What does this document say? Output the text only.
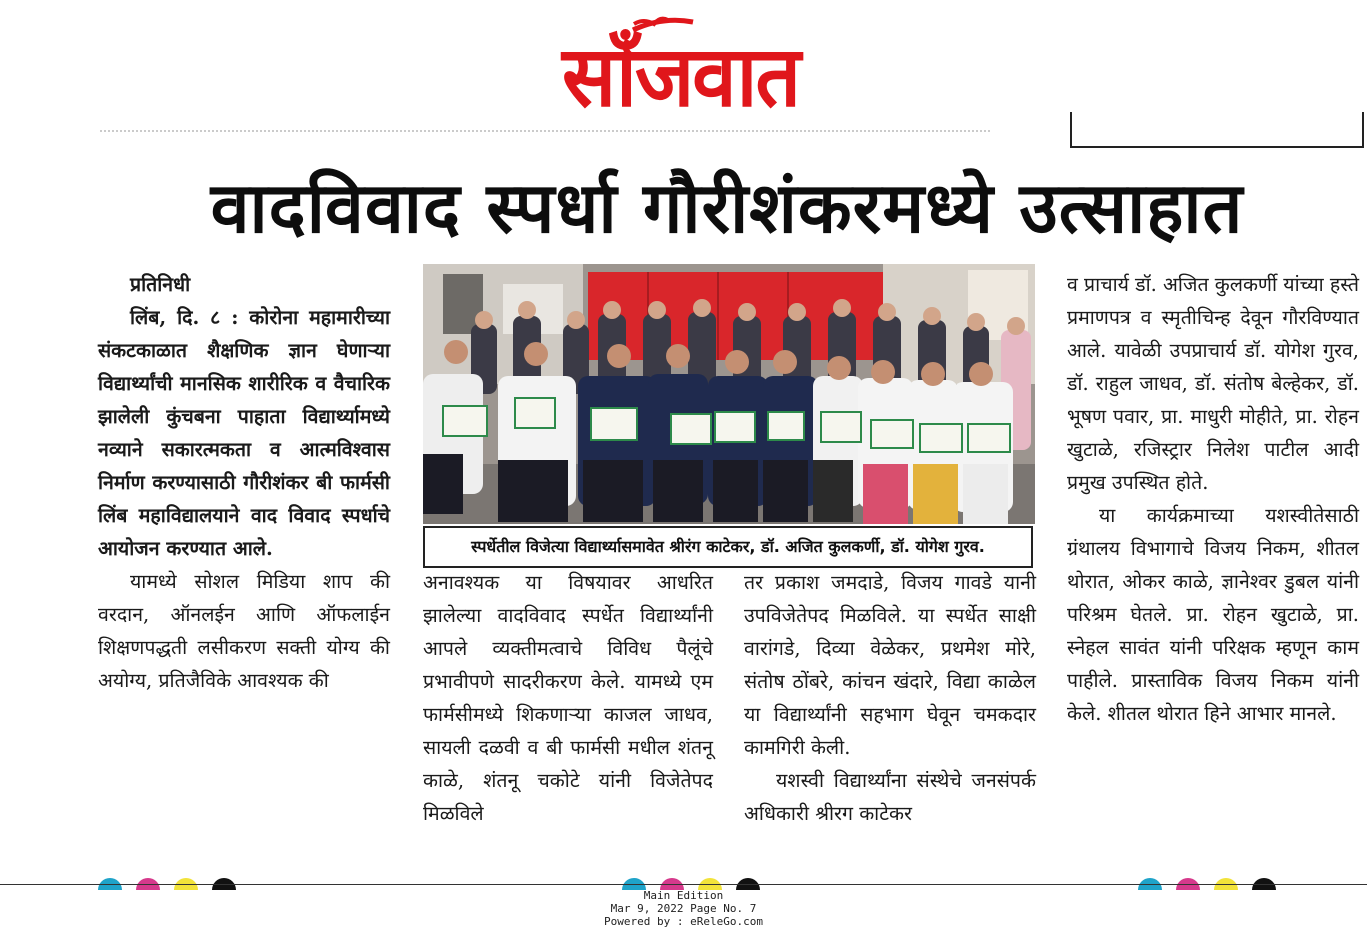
साँजवात
वादविवाद स्पर्धा गौरीशंकरमध्ये उत्साहात

प्रतिनिधी

लिंब, दि. ८ : कोरोना महामारीच्या संकटकाळात शैक्षणिक ज्ञान घेणाऱ्या विद्यार्थ्यांची मानसिक शारीरिक व वैचारिक झालेली कुंचबना पाहाता विद्यार्थ्यामध्ये नव्याने सकारत्मकता व आत्मविश्वास निर्माण करण्यासाठी गौरीशंकर बी फार्मसी लिंब महाविद्यालयाने वाद विवाद स्पर्धाचे आयोजन करण्यात आले.

यामध्ये सोशल मिडिया शाप की वरदान, ऑनलईन आणि ऑफलाईन शिक्षणपद्धती लसीकरण सक्ती योग्य की अयोग्य, प्रतिजैविके आवश्यक की

स्पर्धेतील विजेत्या विद्यार्थ्यासमावेत श्रीरंग काटेकर, डॉ. अजित कुलकर्णी, डॉ. योगेश गुरव.

अनावश्यक या विषयावर आधरित झालेल्या वादविवाद स्पर्धेत विद्यार्थ्यांनी आपले व्यक्तीमत्वाचे विविध पैलूंचे प्रभावीपणे सादरीकरण केले. यामध्ये एम फार्मसीमध्ये शिकणाऱ्या काजल जाधव, सायली दळवी व बी फार्मसी मधील शंतनू काळे, शंतनू चकोटे यांनी विजेतेपद मिळविले

तर प्रकाश जमदाडे, विजय गावडे यानी उपविजेतेपद मिळविले. या स्पर्धेत साक्षी वारांगडे, दिव्या वेळेकर, प्रथमेश मोरे, संतोष ठोंबरे, कांचन खंदारे, विद्या काळेल या विद्यार्थ्यांनी सहभाग घेवून चमकदार कामगिरी केली.

यशस्वी विद्यार्थ्यांना संस्थेचे जनसंपर्क अधिकारी श्रीरग काटेकर

व प्राचार्य डॉ. अजित कुलकर्णी यांच्या हस्ते प्रमाणपत्र व स्मृतीचिन्ह देवून गौरविण्यात आले. यावेळी उपप्राचार्य डॉ. योगेश गुरव, डॉ. राहुल जाधव, डॉ. संतोष बेल्हेकर, डॉ. भूषण पवार, प्रा. माधुरी मोहीते, प्रा. रोहन खुटाळे, रजिस्ट्रार निलेश पाटील आदी प्रमुख उपस्थित होते.

या कार्यक्रमाच्या यशस्वीतेसाठी ग्रंथालय विभागाचे विजय निकम, शीतल थोरात, ओकर काळे, ज्ञानेश्वर डुबल यांनी परिश्रम घेतले. प्रा. रोहन खुटाळे, प्रा. स्नेहल सावंत यांनी परिक्षक म्हणून काम पाहीले. प्रास्ताविक विजय निकम यांनी केले. शीतल थोरात हिने आभार मानले.

Main Edition
Mar 9, 2022 Page No. 7
Powered by : eReleGo.com
